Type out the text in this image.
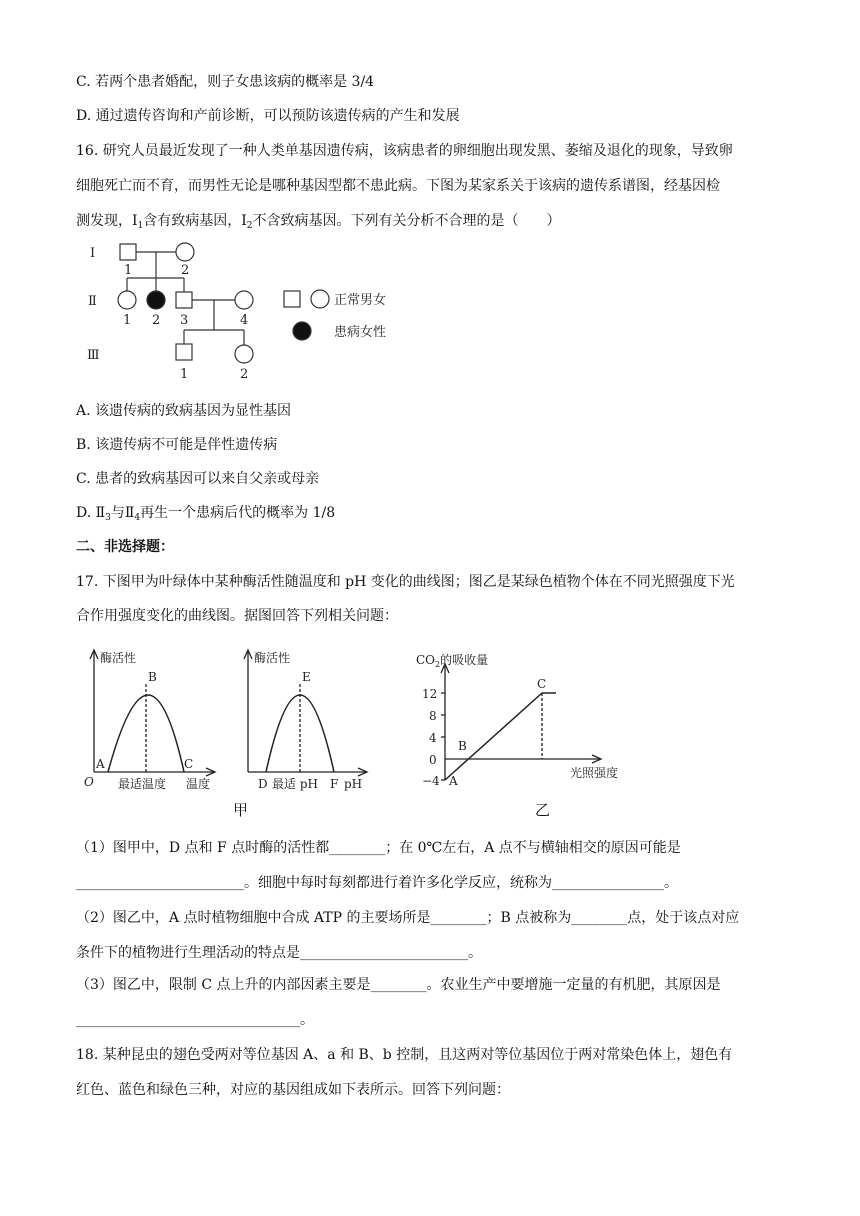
C. 若两个患者婚配，则子女患该病的概率是 3/4
D. 通过遗传咨询和产前诊断，可以预防该遗传病的产生和发展
16. 研究人员最近发现了一种人类单基因遗传病，该病患者的卵细胞出现发黑、萎缩及退化的现象，导致卵
细胞死亡而不育，而男性无论是哪种基因型都不患此病。下图为某家系关于该病的遗传系谱图，经基因检
测发现，$Ⅰ_1$含有致病基因，$Ⅰ_2$不含致病基因。下列有关分析不合理的是（　　）
Ⅰ
Ⅱ
Ⅲ
1	2
1 2 3	4
1	2
正常男女
患病女性
A. 该遗传病的致病基因为显性基因
B. 该遗传病不可能是伴性遗传病
C. 患者的致病基因可以来自父亲或母亲
D. $Ⅱ_3$与$Ⅱ_4$再生一个患病后代的概率为 1/8
二、非选择题：
17. 下图甲为叶绿体中某种酶活性随温度和 pH 变化的曲线图；图乙是某绿色植物个体在不同光照强度下光
合作用强度变化的曲线图。据图回答下列相关问题：
酶活性
B
A	C
O 最适温度 温度
酶活性
E
D 最适 pH F pH
甲
$CO_2$的吸收量
12
8
4
0
−4 A
B
C
光照强度
乙
（1）图甲中，D 点和 F 点时酶的活性都________；在 0℃左右，A 点不与横轴相交的原因可能是
________________________。细胞中每时每刻都进行着许多化学反应，统称为________________。
（2）图乙中，A 点时植物细胞中合成 ATP 的主要场所是________；B 点被称为________点，处于该点对应
条件下的植物进行生理活动的特点是________________________。
（3）图乙中，限制 C 点上升的内部因素主要是________。农业生产中要增施一定量的有机肥，其原因是
________________________________。
18. 某种昆虫的翅色受两对等位基因 A、a 和 B、b 控制，且这两对等位基因位于两对常染色体上，翅色有
红色、蓝色和绿色三种，对应的基因组成如下表所示。回答下列问题：
